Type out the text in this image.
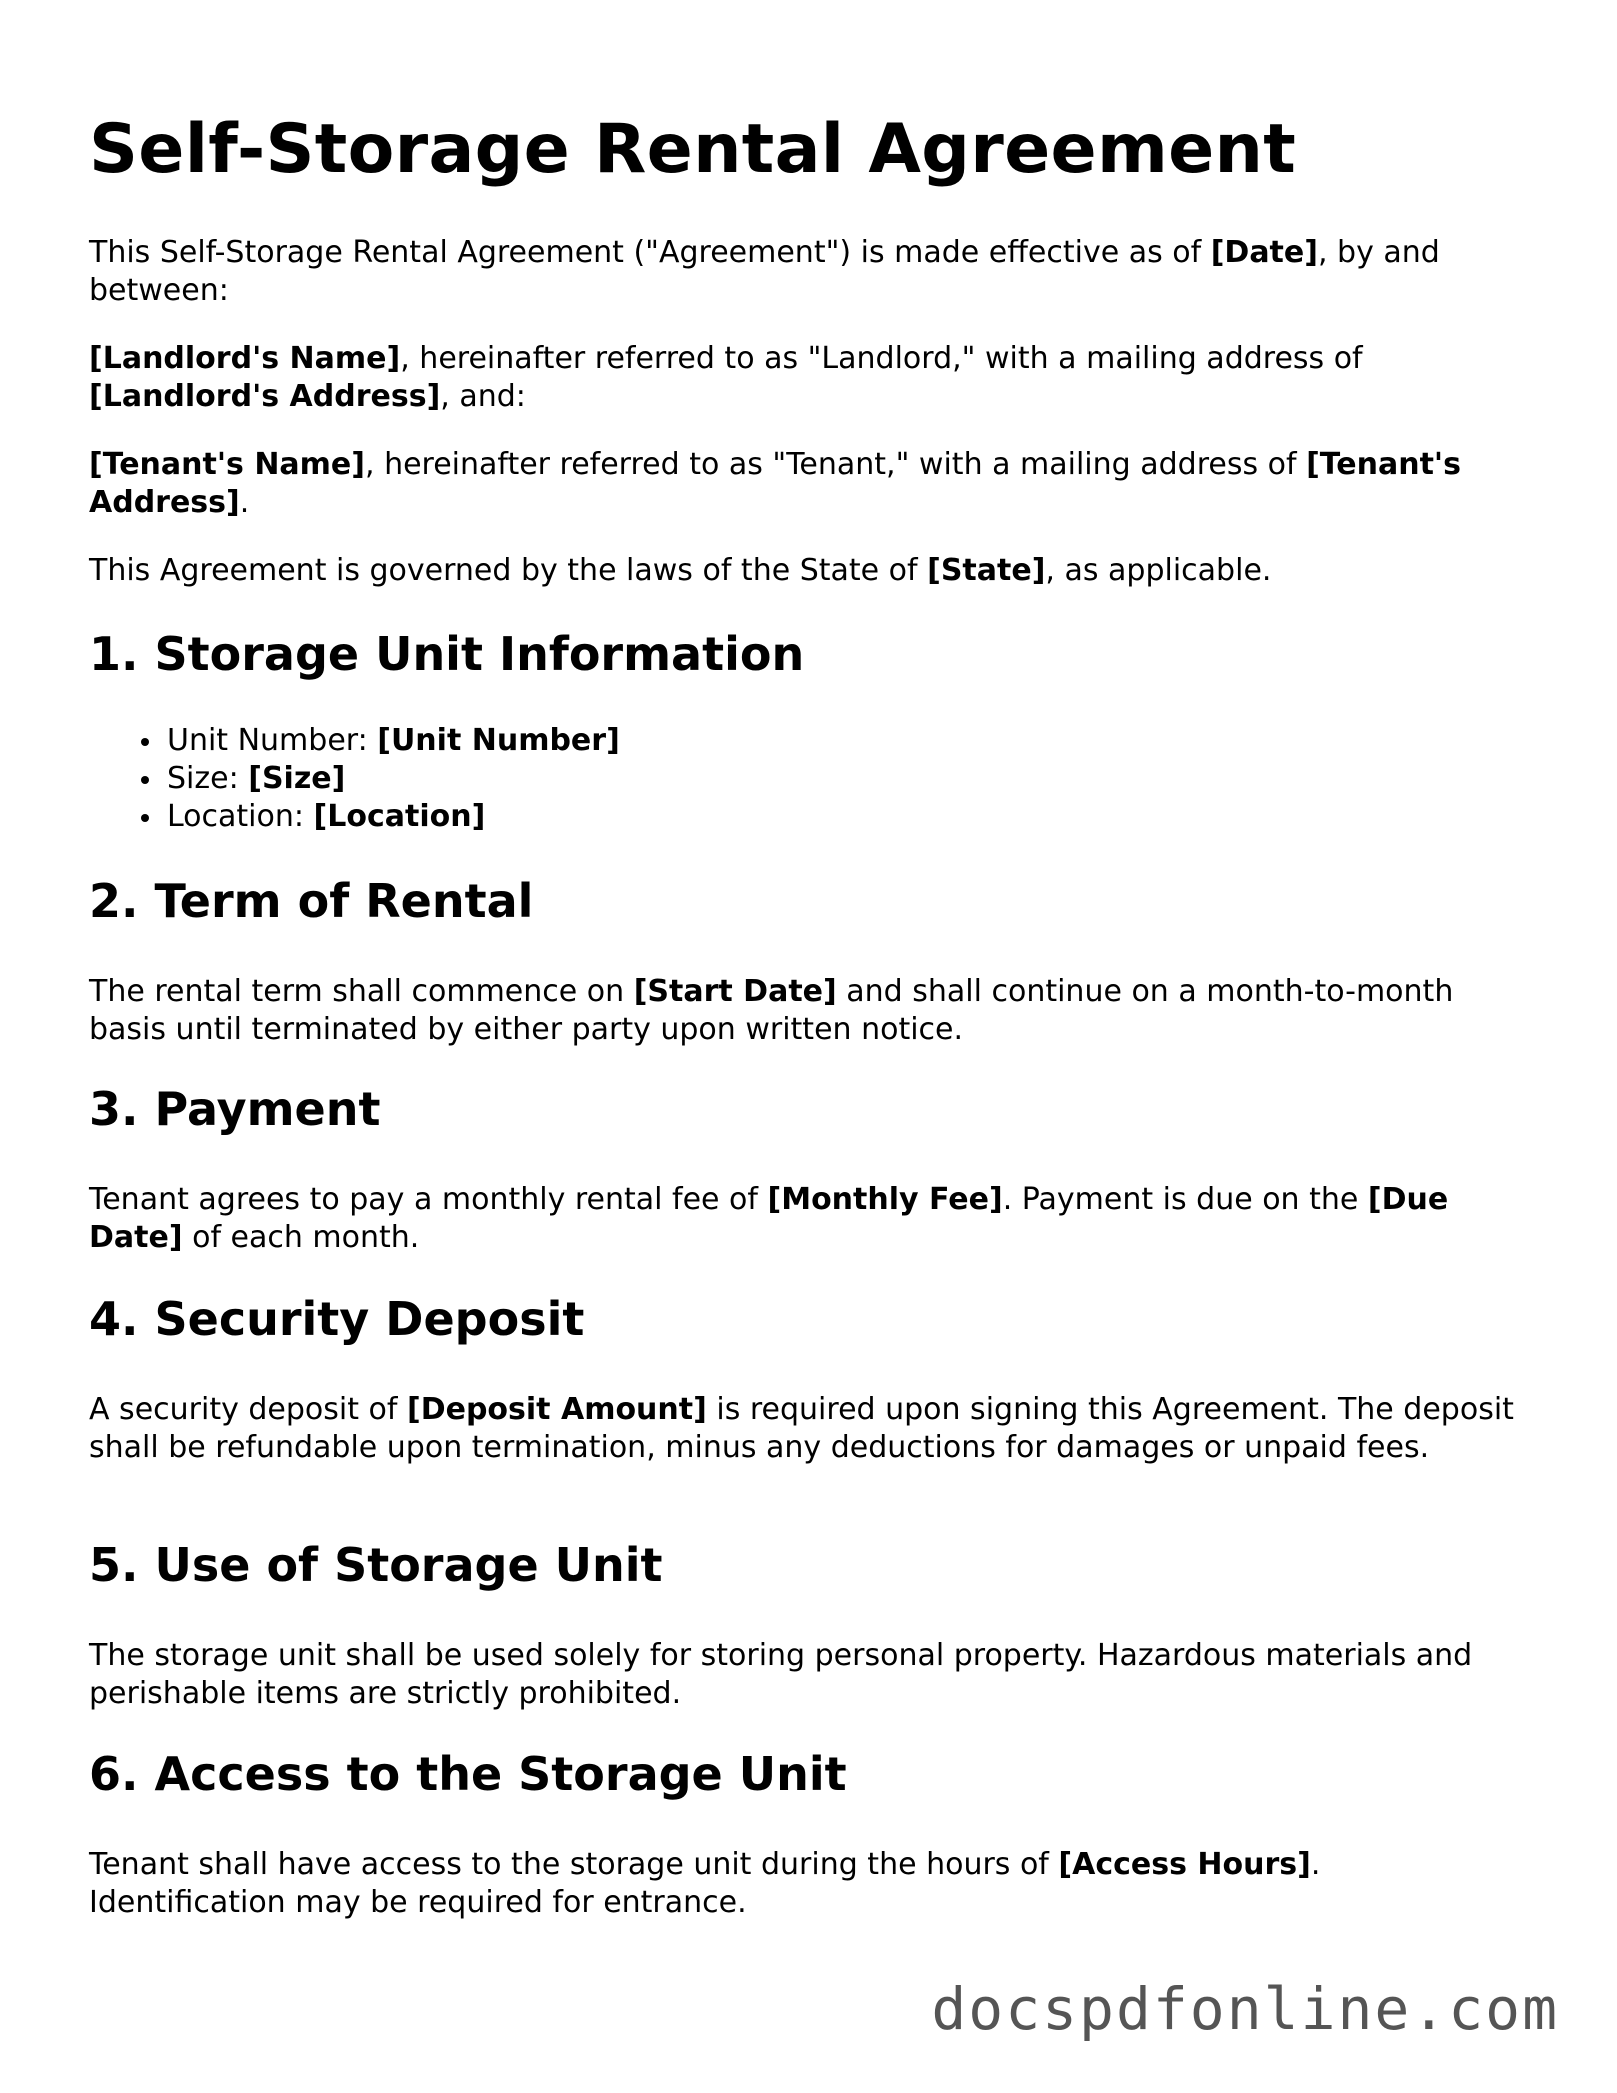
Self-Storage Rental Agreement

This Self-Storage Rental Agreement ("Agreement") is made effective as of [Date], by and between:

[Landlord's Name], hereinafter referred to as "Landlord," with a mailing address of [Landlord's Address], and:

[Tenant's Name], hereinafter referred to as "Tenant," with a mailing address of [Tenant's Address].

This Agreement is governed by the laws of the State of [State], as applicable.

1. Storage Unit Information
Unit Number: [Unit Number]
Size: [Size]
Location: [Location]
2. Term of Rental

The rental term shall commence on [Start Date] and shall continue on a month-to-month basis until terminated by either party upon written notice.

3. Payment

Tenant agrees to pay a monthly rental fee of [Monthly Fee]. Payment is due on the [Due Date] of each month.

4. Security Deposit

A security deposit of [Deposit Amount] is required upon signing this Agreement. The deposit shall be refundable upon termination, minus any deductions for damages or unpaid fees.

5. Use of Storage Unit

The storage unit shall be used solely for storing personal property. Hazardous materials and perishable items are strictly prohibited.

6. Access to the Storage Unit

Tenant shall have access to the storage unit during the hours of [Access Hours]. Identification may be required for entrance.

docspdfonline.com
